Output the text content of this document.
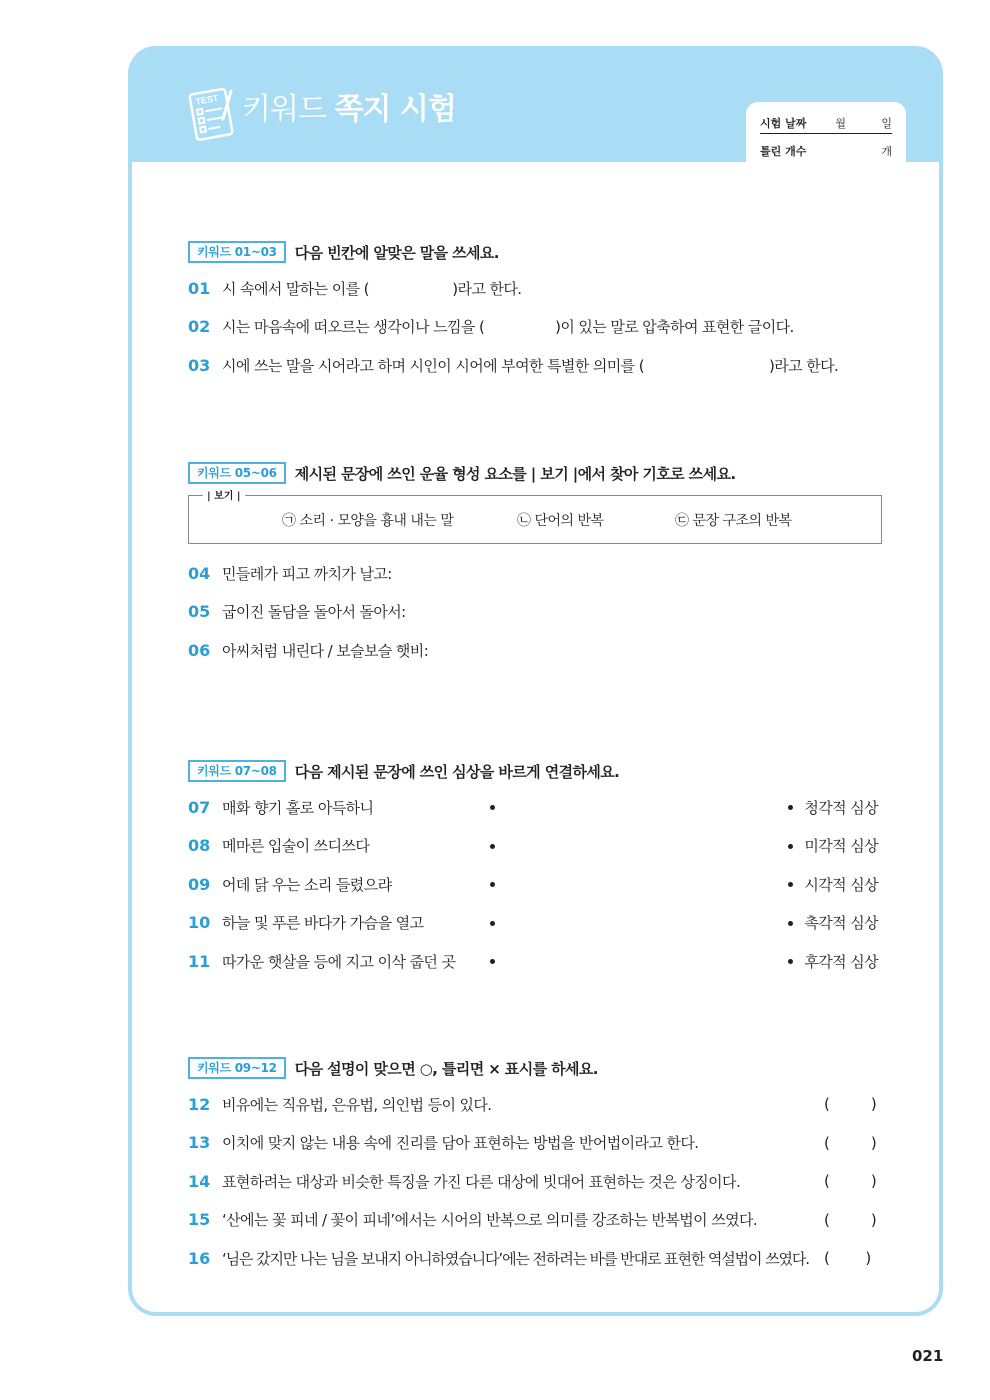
TEST 키워드 쪽지 시험	시험 날짜	월	일
틀린 개수	개
키워드 01~03	다음 빈칸에 알맞은 말을 쓰세요.
01 시 속에서 말하는 이를 (                    )라고 한다.
02 시는 마음속에 떠오르는 생각이나 느낌을 (                 )이 있는 말로 압축하여 표현한 글이다.
03 시에 쓰는 말을 시어라고 하며 시인이 시어에 부여한 특별한 의미를 (                              )라고 한다.
키워드 05~06	제시된 문장에 쓰인 운율 형성 요소를 | 보기 |에서 찾아 기호로 쓰세요.
| 보기 |
㉠ 소리 · 모양을 흉내 내는 말	㉡ 단어의 반복	㉢ 문장 구조의 반복
04 민들레가 피고 까치가 날고:
05 굽이진 돌담을 돌아서 돌아서:
06 아씨처럼 내린다 / 보슬보슬 햇비:
키워드 07~08	다음 제시된 문장에 쓰인 심상을 바르게 연결하세요.
07 매화 향기 홀로 아득하니	청각적 심상
08 메마른 입술이 쓰디쓰다	미각적 심상
09 어데 닭 우는 소리 들렸으랴	시각적 심상
10 하늘 및 푸른 바다가 가슴을 열고	촉각적 심상
11 따가운 햇살을 등에 지고 이삭 줍던 곳	후각적 심상
키워드 09~12	다음 설명이 맞으면 ○, 틀리면 × 표시를 하세요.
12 비유에는 직유법, 은유법, 의인법 등이 있다.	(          )
13 이치에 맞지 않는 내용 속에 진리를 담아 표현하는 방법을 반어법이라고 한다.	(          )
14 표현하려는 대상과 비슷한 특징을 가진 다른 대상에 빗대어 표현하는 것은 상징이다.	(          )
15 ‘산에는 꽃 피네 / 꽃이 피네’에서는 시어의 반복으로 의미를 강조하는 반복법이 쓰였다.	(          )
16 ‘님은 갔지만 나는 님을 보내지 아니하였습니다’에는 전하려는 바를 반대로 표현한 역설법이 쓰였다. (          )
021
